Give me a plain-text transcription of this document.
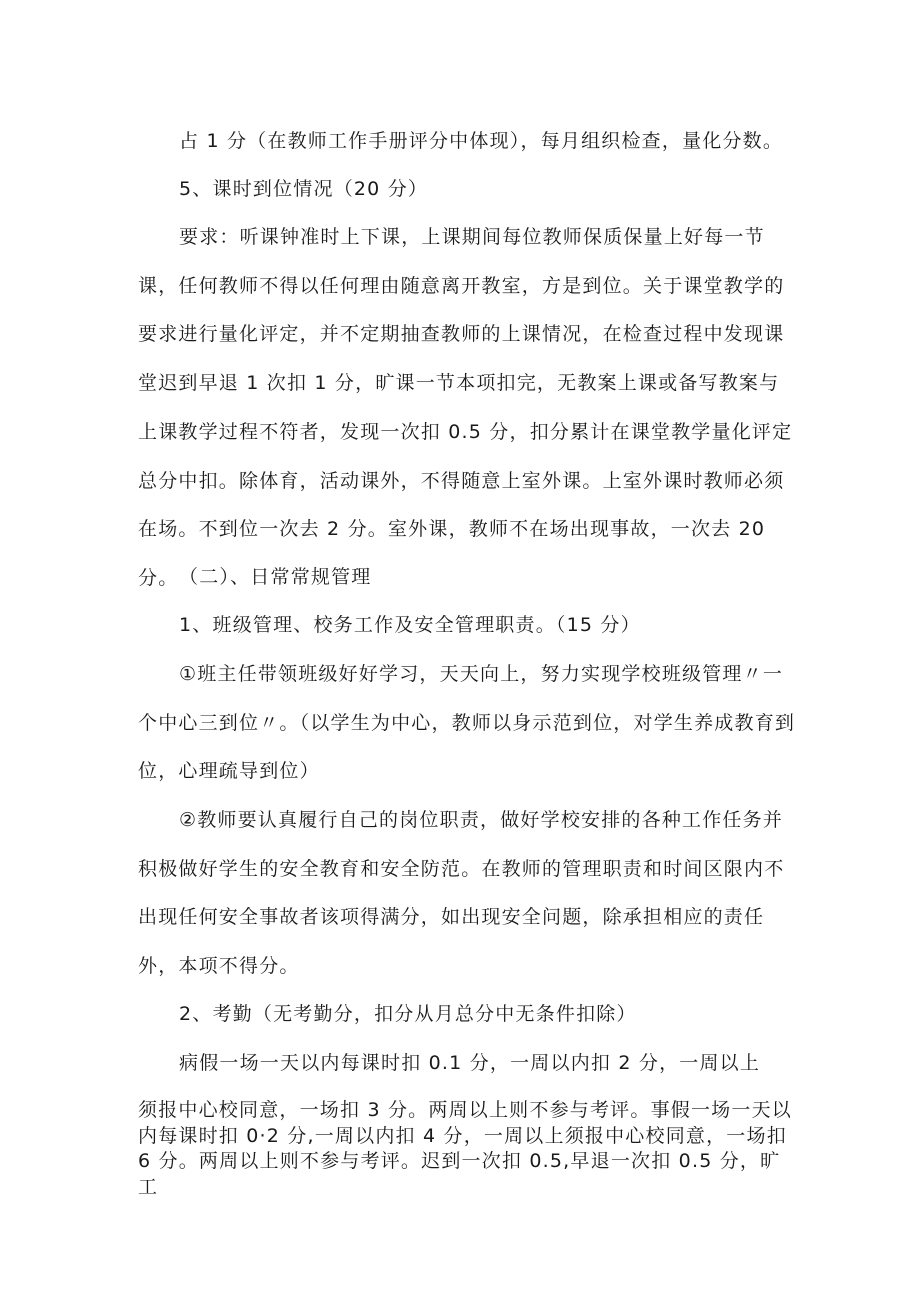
占 1 分（在教师工作手册评分中体现），每月组织检查，量化分数。

5、课时到位情况（20 分）

要求：听课钟准时上下课，上课期间每位教师保质保量上好每一节课，任何教师不得以任何理由随意离开教室，方是到位。关于课堂教学的要求进行量化评定，并不定期抽查教师的上课情况，在检查过程中发现课堂迟到早退 1 次扣 1 分，旷课一节本项扣完，无教案上课或备写教案与上课教学过程不符者，发现一次扣 0.5 分，扣分累计在课堂教学量化评定总分中扣。除体育，活动课外，不得随意上室外课。上室外课时教师必须在场。不到位一次去 2 分。室外课，教师不在场出现事故，一次去 20 分。 （二）、日常常规管理

1、班级管理、校务工作及安全管理职责。（15 分）

①班主任带领班级好好学习，天天向上，努力实现学校班级管理〃一个中心三到位〃。（以学生为中心，教师以身示范到位，对学生养成教育到位，心理疏导到位）

②教师要认真履行自己的岗位职责，做好学校安排的各种工作任务并积极做好学生的安全教育和安全防范。在教师的管理职责和时间区限内不出现任何安全事故者该项得满分，如出现安全问题，除承担相应的责任外，本项不得分。

2、考勤（无考勤分，扣分从月总分中无条件扣除）

病假一场一天以内每课时扣 0.1 分，一周以内扣 2 分，一周以上

须报中心校同意，一场扣 3 分。两周以上则不参与考评。事假一场一天以
内每课时扣 0·2 分,一周以内扣 4 分，一周以上须报中心校同意，一场扣
6 分。两周以上则不参与考评。迟到一次扣 0.5,早退一次扣 0.5 分，旷工
